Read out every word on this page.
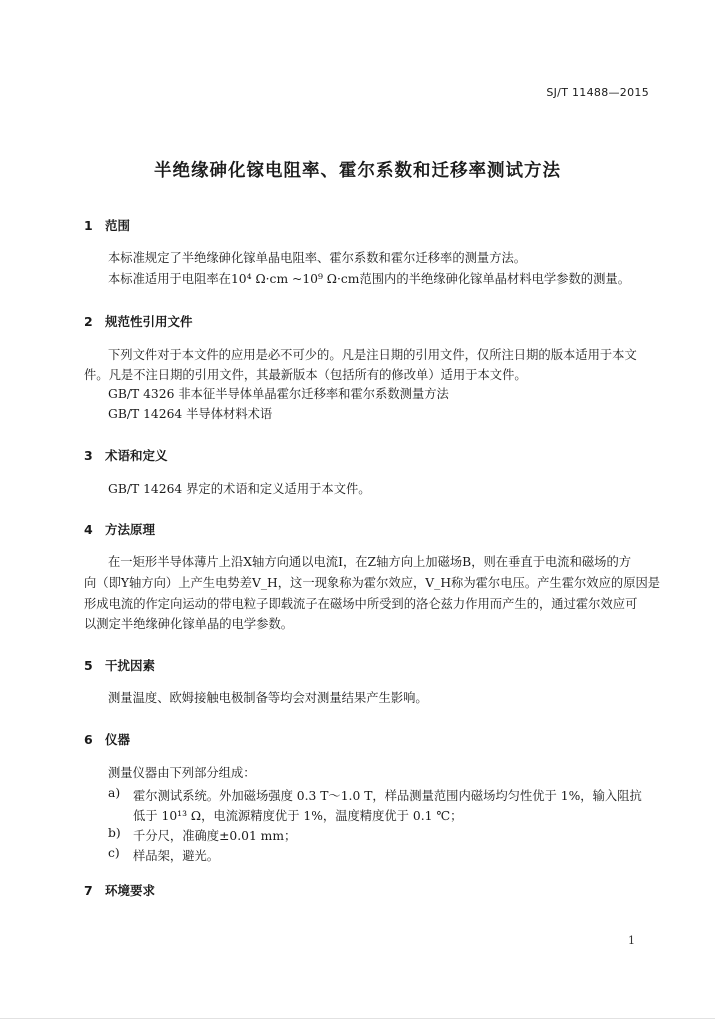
SJ/T 11488—2015
半绝缘砷化镓电阻率、霍尔系数和迁移率测试方法
1 范围
本标准规定了半绝缘砷化镓单晶电阻率、霍尔系数和霍尔迁移率的测量方法。
本标准适用于电阻率在10⁴ Ω·cm ~10⁹ Ω·cm范围内的半绝缘砷化镓单晶材料电学参数的测量。
2 规范性引用文件
下列文件对于本文件的应用是必不可少的。凡是注日期的引用文件，仅所注日期的版本适用于本文
件。凡是不注日期的引用文件，其最新版本（包括所有的修改单）适用于本文件。
GB/T 4326 非本征半导体单晶霍尔迁移率和霍尔系数测量方法
GB/T 14264 半导体材料术语
3 术语和定义
GB/T 14264 界定的术语和定义适用于本文件。
4 方法原理
在一矩形半导体薄片上沿X轴方向通以电流I，在Z轴方向上加磁场B，则在垂直于电流和磁场的方
向（即Y轴方向）上产生电势差V_H，这一现象称为霍尔效应，V_H称为霍尔电压。产生霍尔效应的原因是
形成电流的作定向运动的带电粒子即载流子在磁场中所受到的洛仑兹力作用而产生的，通过霍尔效应可
以测定半绝缘砷化镓单晶的电学参数。
5 干扰因素
测量温度、欧姆接触电极制备等均会对测量结果产生影响。
6 仪器
测量仪器由下列部分组成：
a) 霍尔测试系统。外加磁场强度 0.3 T～1.0 T，样品测量范围内磁场均匀性优于 1%，输入阻抗
低于 10¹³ Ω，电流源精度优于 1%，温度精度优于 0.1 ℃；
b) 千分尺，准确度±0.01 mm；
c) 样品架，避光。
7 环境要求
1
